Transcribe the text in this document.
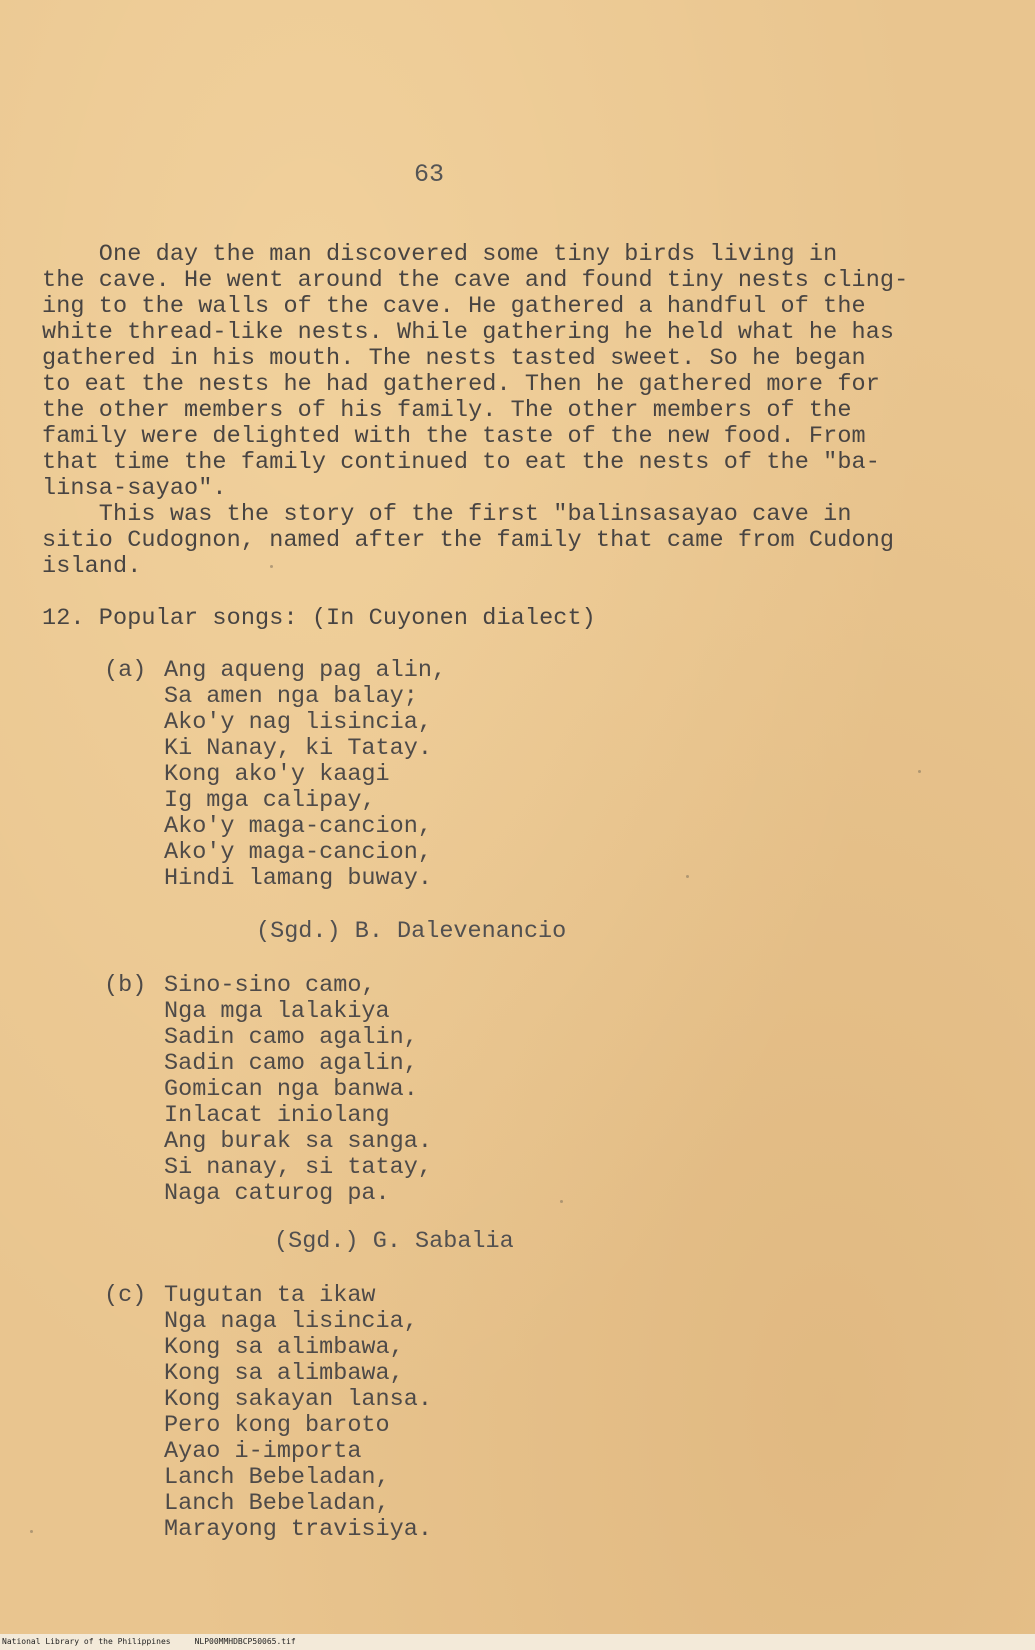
63
One day the man discovered some tiny birds living in
the cave. He went around the cave and found tiny nests cling-
ing to the walls of the cave. He gathered a handful of the
white thread-like nests. While gathering he held what he has
gathered in his mouth. The nests tasted sweet. So he began
to eat the nests he had gathered. Then he gathered more for
the other members of his family. The other members of the
family were delighted with the taste of the new food. From
that time the family continued to eat the nests of the "ba-
linsa-sayao".
This was the story of the first "balinsasayao cave in
sitio Cudognon, named after the family that came from Cudong
island.
12. Popular songs: (In Cuyonen dialect)
(a) Ang aqueng pag alin,
Sa amen nga balay;
Ako'y nag lisincia,
Ki Nanay, ki Tatay.
Kong ako'y kaagi
Ig mga calipay,
Ako'y maga-cancion,
Ako'y maga-cancion,
Hindi lamang buway.
(Sgd.) B. Dalevenancio
(b) Sino-sino camo,
Nga mga lalakiya
Sadin camo agalin,
Sadin camo agalin,
Gomican nga banwa.
Inlacat iniolang
Ang burak sa sanga.
Si nanay, si tatay,
Naga caturog pa.
(Sgd.) G. Sabalia
(c) Tugutan ta ikaw
Nga naga lisincia,
Kong sa alimbawa,
Kong sa alimbawa,
Kong sakayan lansa.
Pero kong baroto
Ayao i-importa
Lanch Bebeladan,
Lanch Bebeladan,
Marayong travisiya.
National Library of the Philippines	NLP00MMHDBCP50065.tif
